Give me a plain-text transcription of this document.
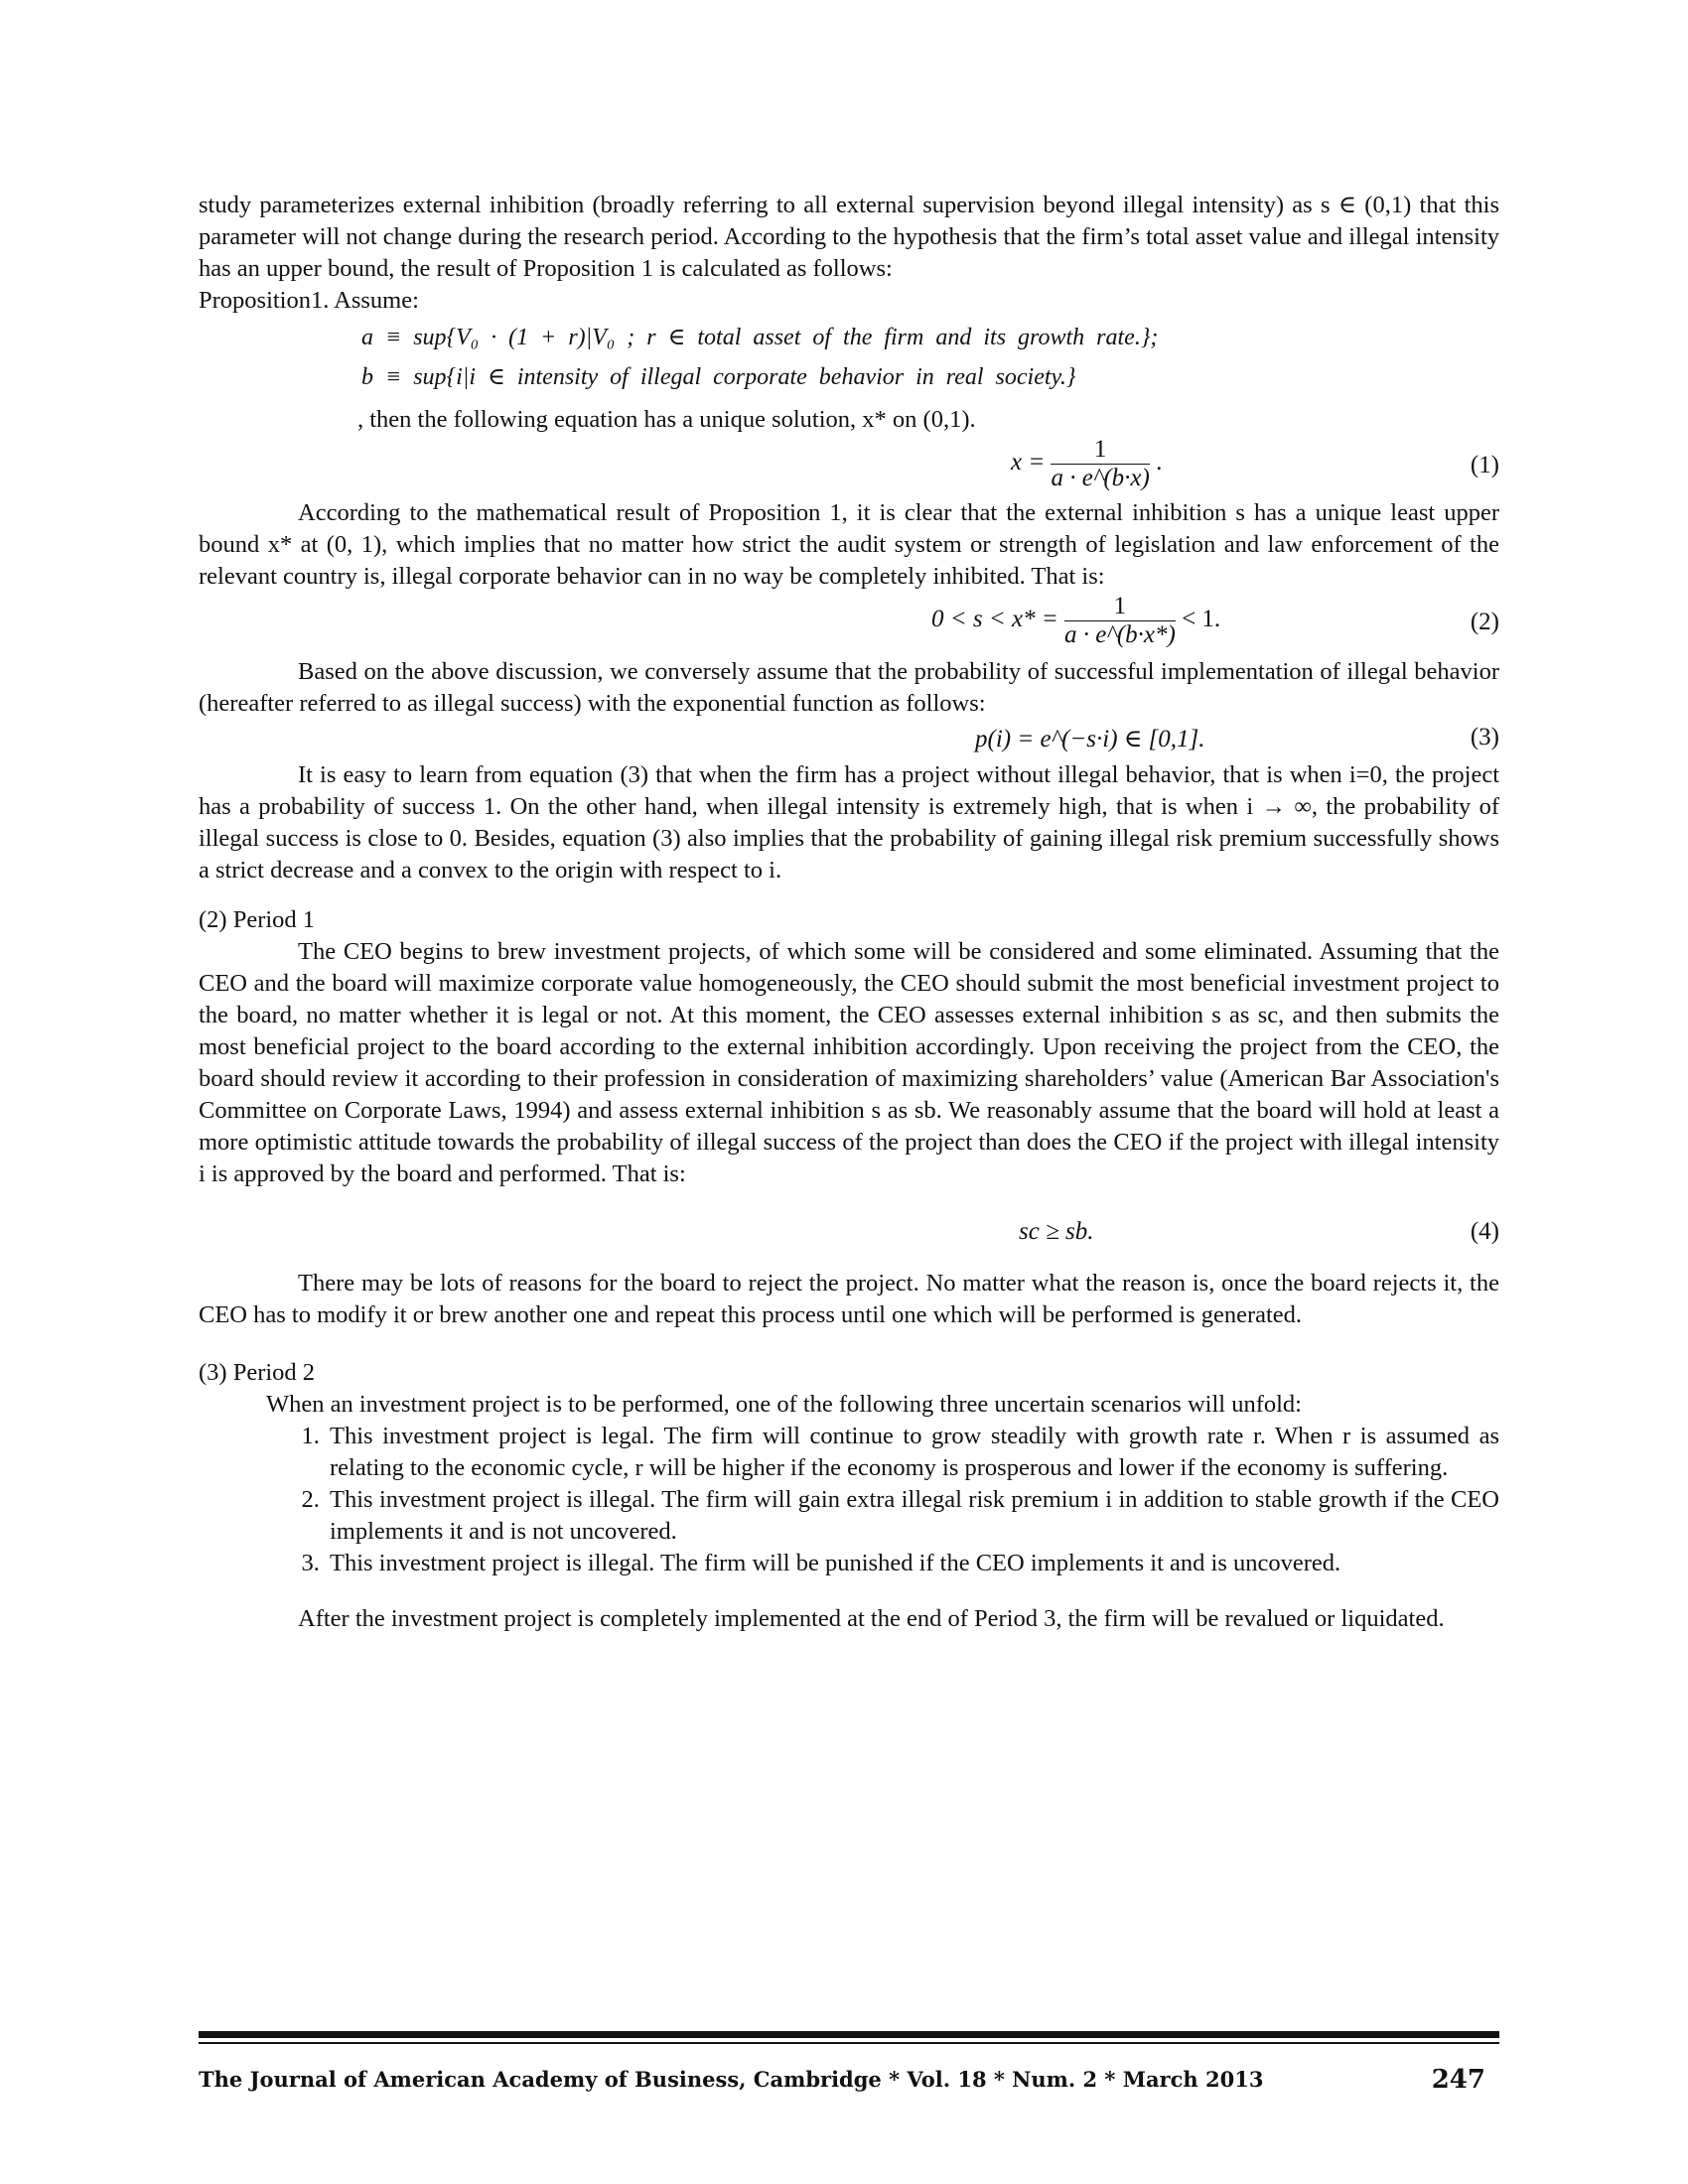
study parameterizes external inhibition (broadly referring to all external supervision beyond illegal intensity) as s ∈ (0,1) that this parameter will not change during the research period. According to the hypothesis that the firm’s total asset value and illegal intensity has an upper bound, the result of Proposition 1 is calculated as follows:

Proposition1. Assume:

a ≡ sup{V₀ · (1 + r)|V₀ ; r ∈ total asset of the firm and its growth rate.};
b ≡ sup{i|i ∈ intensity of illegal corporate behavior in real society.}

, then the following equation has a unique solution, x* on (0,1).

$x = \frac{1}{a \cdot e\^{}(b\cdot x)}$ .	(1)

According to the mathematical result of Proposition 1, it is clear that the external inhibition s has a unique least upper bound x* at (0, 1), which implies that no matter how strict the audit system or strength of legislation and law enforcement of the relevant country is, illegal corporate behavior can in no way be completely inhibited. That is:

$0 < s < x* = \frac{1}{a \cdot e\^{}(b\cdot x*)} < 1$.	(2)

Based on the above discussion, we conversely assume that the probability of successful implementation of illegal behavior (hereafter referred to as illegal success) with the exponential function as follows:

p(i) = e^(−s·i) ∈ [0,1].	(3)

It is easy to learn from equation (3) that when the firm has a project without illegal behavior, that is when i=0, the project has a probability of success 1. On the other hand, when illegal intensity is extremely high, that is when i → ∞, the probability of illegal success is close to 0. Besides, equation (3) also implies that the probability of gaining illegal risk premium successfully shows a strict decrease and a convex to the origin with respect to i.

(2) Period 1

The CEO begins to brew investment projects, of which some will be considered and some eliminated. Assuming that the CEO and the board will maximize corporate value homogeneously, the CEO should submit the most beneficial investment project to the board, no matter whether it is legal or not. At this moment, the CEO assesses external inhibition s as sc, and then submits the most beneficial project to the board according to the external inhibition accordingly. Upon receiving the project from the CEO, the board should review it according to their profession in consideration of maximizing shareholders’ value (American Bar Association's Committee on Corporate Laws, 1994) and assess external inhibition s as sb. We reasonably assume that the board will hold at least a more optimistic attitude towards the probability of illegal success of the project than does the CEO if the project with illegal intensity i is approved by the board and performed. That is:

sc ≥ sb.	(4)

There may be lots of reasons for the board to reject the project. No matter what the reason is, once the board rejects it, the CEO has to modify it or brew another one and repeat this process until one which will be performed is generated.

(3) Period 2

When an investment project is to be performed, one of the following three uncertain scenarios will unfold:

1. This investment project is legal. The firm will continue to grow steadily with growth rate r. When r is assumed as relating to the economic cycle, r will be higher if the economy is prosperous and lower if the economy is suffering.
2. This investment project is illegal. The firm will gain extra illegal risk premium i in addition to stable growth if the CEO implements it and is not uncovered.
3. This investment project is illegal. The firm will be punished if the CEO implements it and is uncovered.

After the investment project is completely implemented at the end of Period 3, the firm will be revalued or liquidated.

The Journal of American Academy of Business, Cambridge * Vol. 18 * Num. 2 * March 2013	247
